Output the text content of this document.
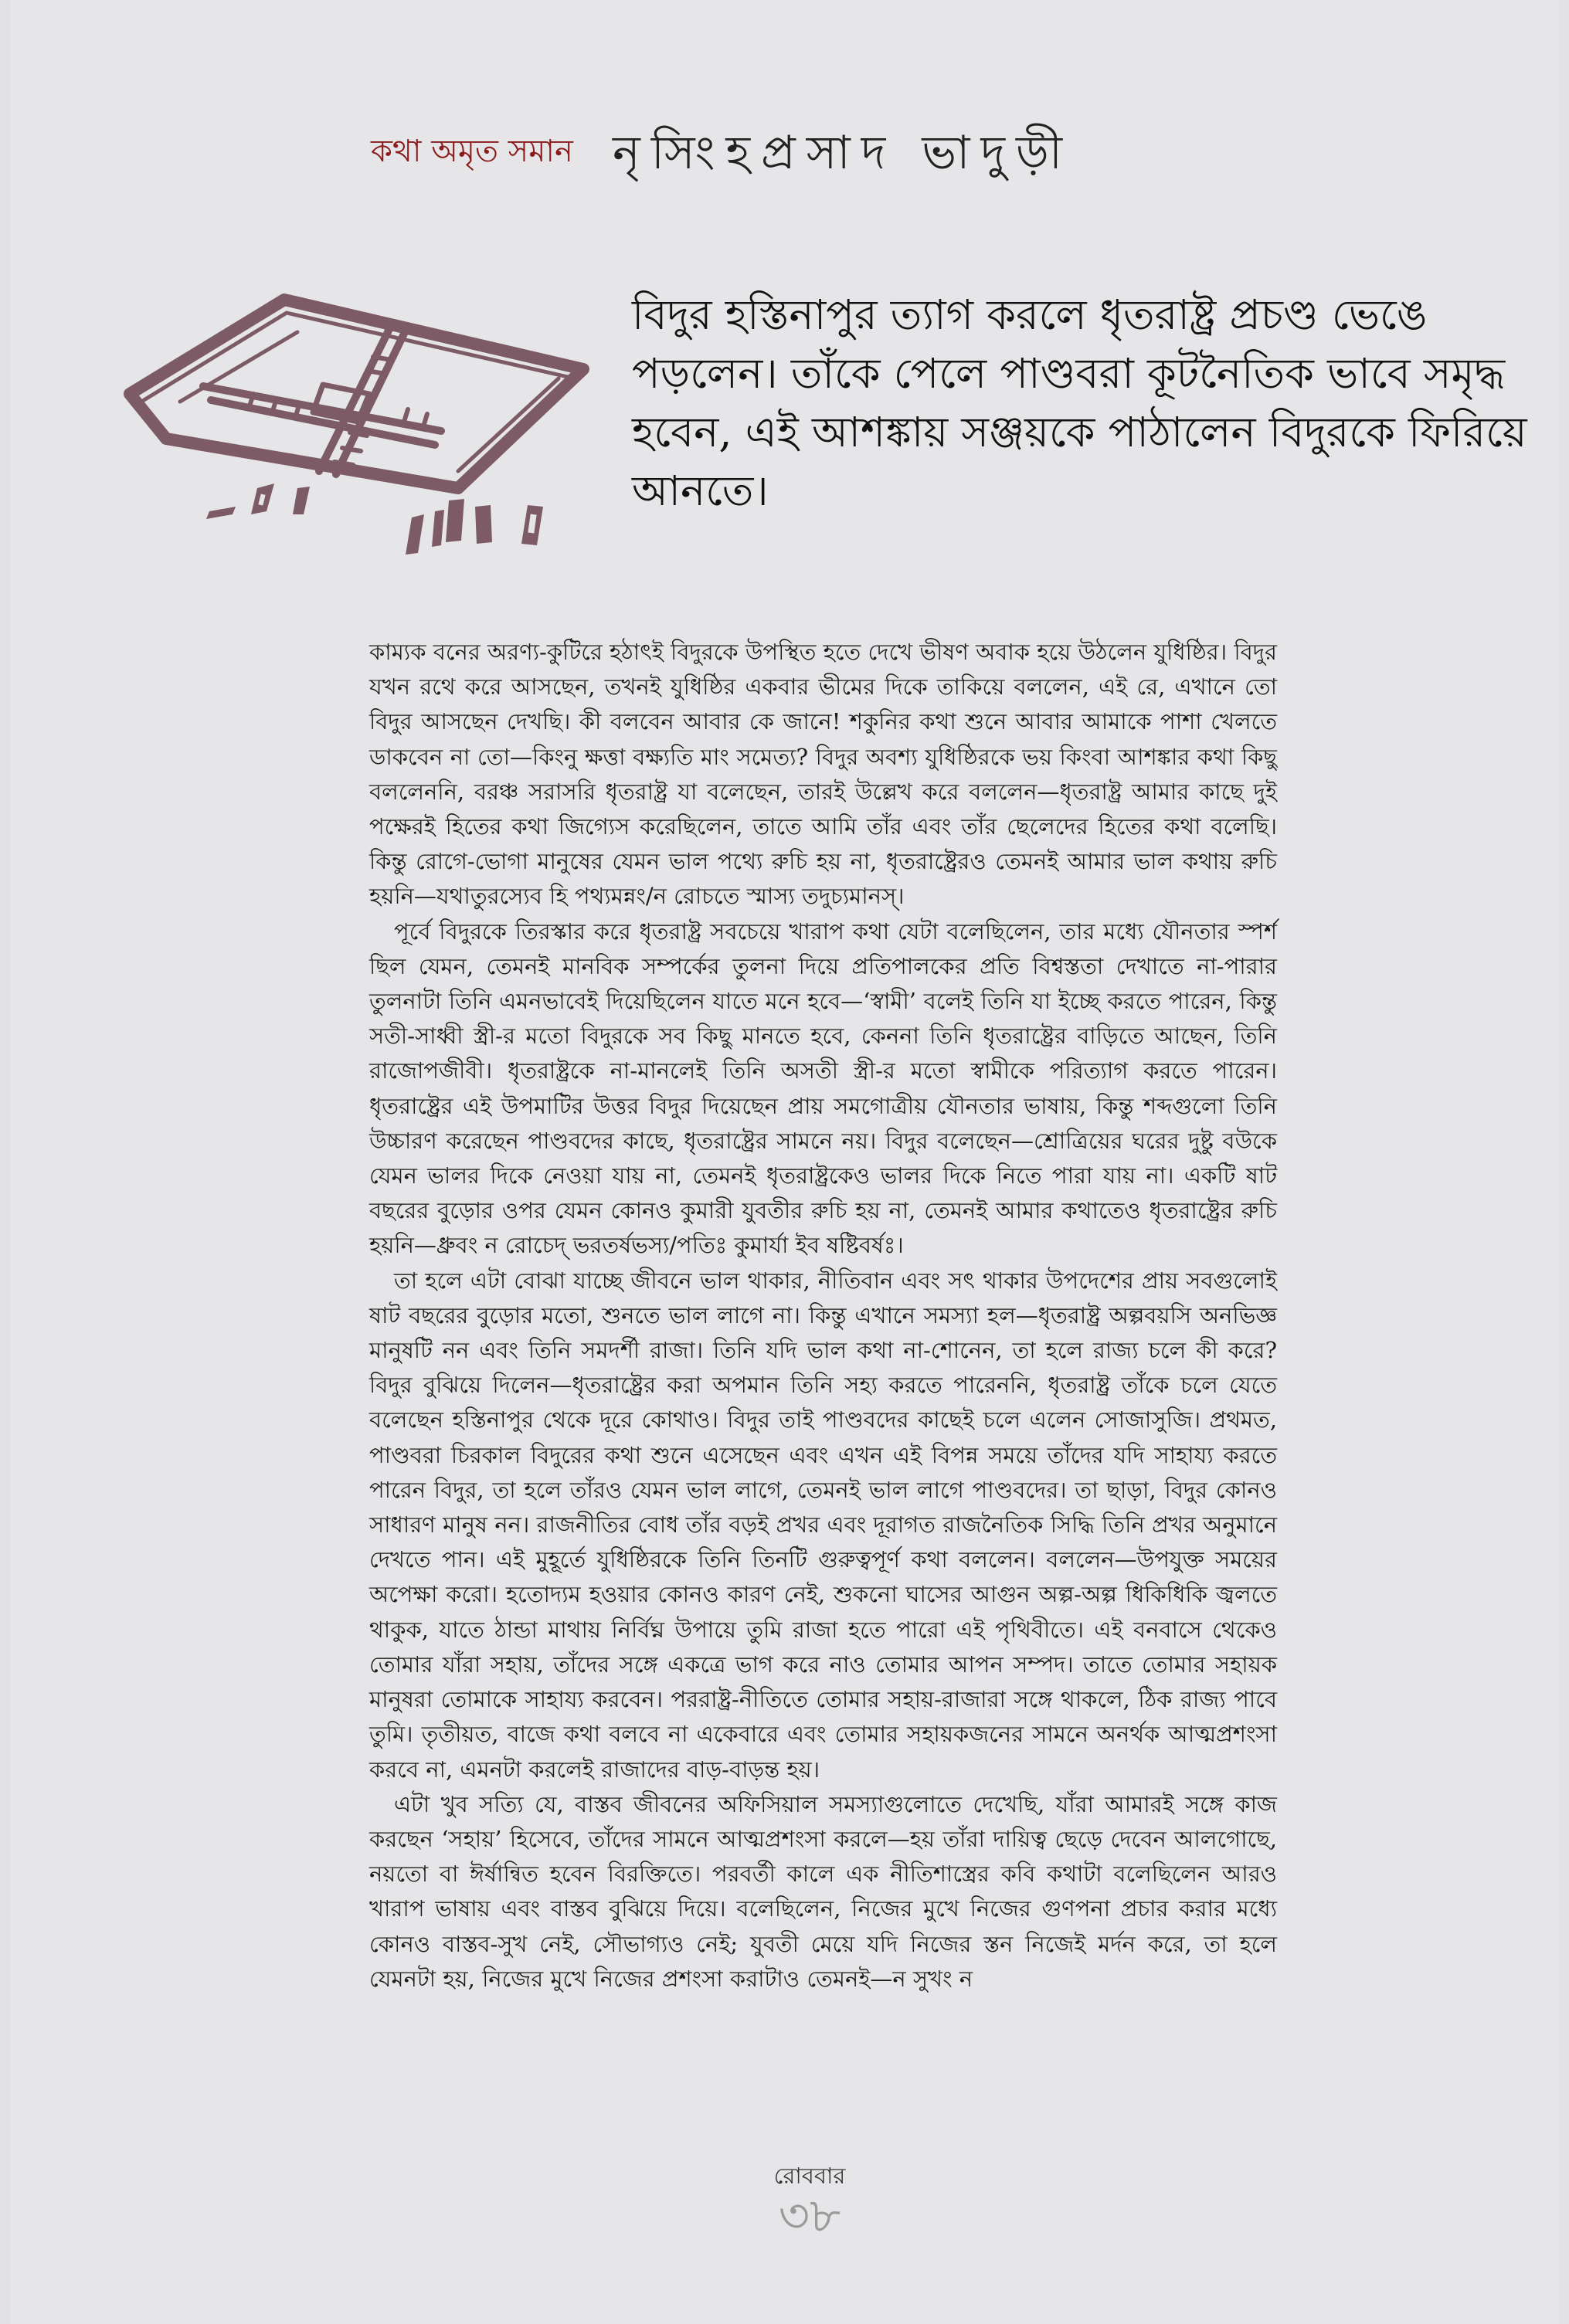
কথা অমৃত সমান নৃসিংহপ্রসাদ ভাদুড়ী
বিদুর হস্তিনাপুর ত্যাগ করলে ধৃতরাষ্ট্র প্রচণ্ড ভেঙে পড়লেন। তাঁকে পেলে পাণ্ডবরা কূটনৈতিক ভাবে সমৃদ্ধ হবেন, এই আশঙ্কায় সঞ্জয়কে পাঠালেন বিদুরকে ফিরিয়ে আনতে।

কাম্যক বনের অরণ্য-কুটিরে হঠাৎই বিদুরকে উপস্থিত হতে দেখে ভীষণ অবাক হয়ে উঠলেন যুধিষ্ঠির। বিদুর যখন রথে করে আসছেন, তখনই যুধিষ্ঠির একবার ভীমের দিকে তাকিয়ে বললেন, এই রে, এখানে তো বিদুর আসছেন দেখছি। কী বলবেন আবার কে জানে! শকুনির কথা শুনে আবার আমাকে পাশা খেলতে ডাকবেন না তো—কিংনু ক্ষত্তা বক্ষ্যতি মাং সমেত্য? বিদুর অবশ্য যুধিষ্ঠিরকে ভয় কিংবা আশঙ্কার কথা কিছু বললেননি, বরঞ্চ সরাসরি ধৃতরাষ্ট্র যা বলেছেন, তারই উল্লেখ করে বললেন—ধৃতরাষ্ট্র আমার কাছে দুই পক্ষেরই হিতের কথা জিগ্যেস করেছিলেন, তাতে আমি তাঁর এবং তাঁর ছেলেদের হিতের কথা বলেছি। কিন্তু রোগে-ভোগা মানুষের যেমন ভাল পথ্যে রুচি হয় না, ধৃতরাষ্ট্রেরও তেমনই আমার ভাল কথায় রুচি হয়নি—যথাতুরস্যেব হি পথ্যমন্নং/ন রোচতে স্মাস্য তদুচ্যমানস্।

পূর্বে বিদুরকে তিরস্কার করে ধৃতরাষ্ট্র সবচেয়ে খারাপ কথা যেটা বলেছিলেন, তার মধ্যে যৌনতার স্পর্শ ছিল যেমন, তেমনই মানবিক সম্পর্কের তুলনা দিয়ে প্রতিপালকের প্রতি বিশ্বস্ততা দেখাতে না-পারার তুলনাটা তিনি এমনভাবেই দিয়েছিলেন যাতে মনে হবে—‘স্বামী’ বলেই তিনি যা ইচ্ছে করতে পারেন, কিন্তু সতী-সাধ্বী স্ত্রী-র মতো বিদুরকে সব কিছু মানতে হবে, কেননা তিনি ধৃতরাষ্ট্রের বাড়িতে আছেন, তিনি রাজোপজীবী। ধৃতরাষ্ট্রকে না-মানলেই তিনি অসতী স্ত্রী-র মতো স্বামীকে পরিত্যাগ করতে পারেন। ধৃতরাষ্ট্রের এই উপমাটির উত্তর বিদুর দিয়েছেন প্রায় সমগোত্রীয় যৌনতার ভাষায়, কিন্তু শব্দগুলো তিনি উচ্চারণ করেছেন পাণ্ডবদের কাছে, ধৃতরাষ্ট্রের সামনে নয়। বিদুর বলেছেন—শ্রোত্রিয়ের ঘরের দুষ্টু বউকে যেমন ভালর দিকে নেওয়া যায় না, তেমনই ধৃতরাষ্ট্রকেও ভালর দিকে নিতে পারা যায় না। একটি ষাট বছরের বুড়োর ওপর যেমন কোনও কুমারী যুবতীর রুচি হয় না, তেমনই আমার কথাতেও ধৃতরাষ্ট্রের রুচি হয়নি—ধ্রুবং ন রোচেদ্ ভরতর্ষভস্য/পতিঃ কুমার্যা ইব ষষ্টিবর্ষঃ।

তা হলে এটা বোঝা যাচ্ছে জীবনে ভাল থাকার, নীতিবান এবং সৎ থাকার উপদেশের প্রায় সবগুলোই ষাট বছরের বুড়োর মতো, শুনতে ভাল লাগে না। কিন্তু এখানে সমস্যা হল—ধৃতরাষ্ট্র অল্পবয়সি অনভিজ্ঞ মানুষটি নন এবং তিনি সমদর্শী রাজা। তিনি যদি ভাল কথা না-শোনেন, তা হলে রাজ্য চলে কী করে? বিদুর বুঝিয়ে দিলেন—ধৃতরাষ্ট্রের করা অপমান তিনি সহ্য করতে পারেননি, ধৃতরাষ্ট্র তাঁকে চলে যেতে বলেছেন হস্তিনাপুর থেকে দূরে কোথাও। বিদুর তাই পাণ্ডবদের কাছেই চলে এলেন সোজাসুজি। প্রথমত, পাণ্ডবরা চিরকাল বিদুরের কথা শুনে এসেছেন এবং এখন এই বিপন্ন সময়ে তাঁদের যদি সাহায্য করতে পারেন বিদুর, তা হলে তাঁরও যেমন ভাল লাগে, তেমনই ভাল লাগে পাণ্ডবদের। তা ছাড়া, বিদুর কোনও সাধারণ মানুষ নন। রাজনীতির বোধ তাঁর বড়ই প্রখর এবং দূরাগত রাজনৈতিক সিদ্ধি তিনি প্রখর অনুমানে দেখতে পান। এই মুহূর্তে যুধিষ্ঠিরকে তিনি তিনটি গুরুত্বপূর্ণ কথা বললেন। বললেন—উপযুক্ত সময়ের অপেক্ষা করো। হতোদ্যম হওয়ার কোনও কারণ নেই, শুকনো ঘাসের আগুন অল্প-অল্প ধিকিধিকি জ্বলতে থাকুক, যাতে ঠান্ডা মাথায় নির্বিঘ্ন উপায়ে তুমি রাজা হতে পারো এই পৃথিবীতে। এই বনবাসে থেকেও তোমার যাঁরা সহায়, তাঁদের সঙ্গে একত্রে ভাগ করে নাও তোমার আপন সম্পদ। তাতে তোমার সহায়ক মানুষরা তোমাকে সাহায্য করবেন। পররাষ্ট্র-নীতিতে তোমার সহায়-রাজারা সঙ্গে থাকলে, ঠিক রাজ্য পাবে তুমি। তৃতীয়ত, বাজে কথা বলবে না একেবারে এবং তোমার সহায়কজনের সামনে অনর্থক আত্মপ্রশংসা করবে না, এমনটা করলেই রাজাদের বাড়-বাড়ন্ত হয়।

এটা খুব সত্যি যে, বাস্তব জীবনের অফিসিয়াল সমস্যাগুলোতে দেখেছি, যাঁরা আমারই সঙ্গে কাজ করছেন ‘সহায়’ হিসেবে, তাঁদের সামনে আত্মপ্রশংসা করলে—হয় তাঁরা দায়িত্ব ছেড়ে দেবেন আলগোছে, নয়তো বা ঈর্ষান্বিত হবেন বিরক্তিতে। পরবর্তী কালে এক নীতিশাস্ত্রের কবি কথাটা বলেছিলেন আরও খারাপ ভাষায় এবং বাস্তব বুঝিয়ে দিয়ে। বলেছিলেন, নিজের মুখে নিজের গুণপনা প্রচার করার মধ্যে কোনও বাস্তব-সুখ নেই, সৌভাগ্যও নেই; যুবতী মেয়ে যদি নিজের স্তন নিজেই মর্দন করে, তা হলে যেমনটা হয়, নিজের মুখে নিজের প্রশংসা করাটাও তেমনই—ন সুখং ন

রোববার
৩৮
